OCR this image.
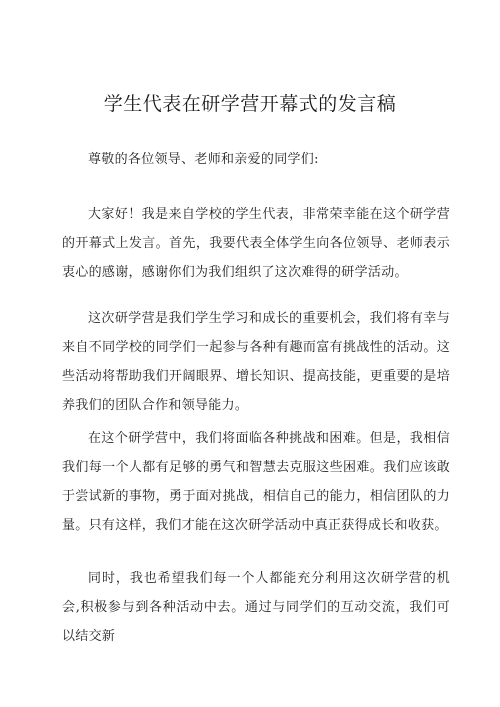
学生代表在研学营开幕式的发言稿

尊敬的各位领导、老师和亲爱的同学们:

大家好！我是来自学校的学生代表，非常荣幸能在这个研学营的开幕式上发言。首先，我要代表全体学生向各位领导、老师表示衷心的感谢，感谢你们为我们组织了这次难得的研学活动。

这次研学营是我们学生学习和成长的重要机会，我们将有幸与来自不同学校的同学们一起参与各种有趣而富有挑战性的活动。这些活动将帮助我们开阔眼界、增长知识、提高技能，更重要的是培养我们的团队合作和领导能力。

在这个研学营中，我们将面临各种挑战和困难。但是，我相信我们每一个人都有足够的勇气和智慧去克服这些困难。我们应该敢于尝试新的事物，勇于面对挑战，相信自己的能力，相信团队的力量。只有这样，我们才能在这次研学活动中真正获得成长和收获。

同时，我也希望我们每一个人都能充分利用这次研学营的机会,积极参与到各种活动中去。通过与同学们的互动交流，我们可以结交新
